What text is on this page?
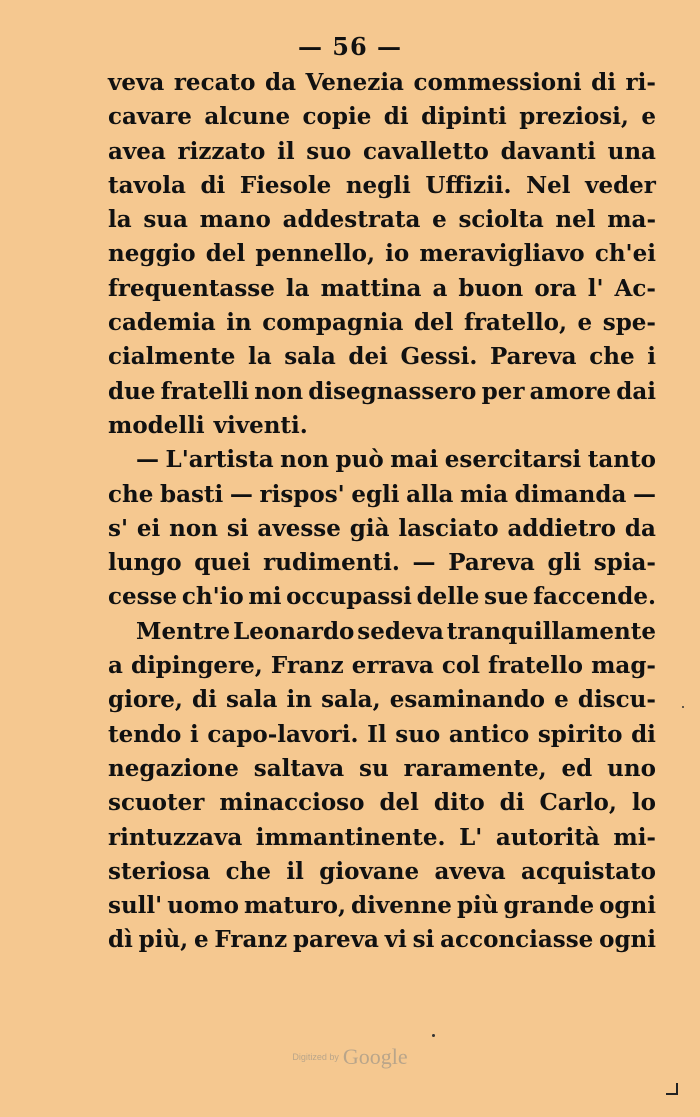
— 56 —
veva recato da Venezia commessioni di ri-
cavare alcune copie di dipinti preziosi, e
avea rizzato il suo cavalletto davanti una
tavola di Fiesole negli Uffizii. Nel veder
la sua mano addestrata e sciolta nel ma-
neggio del pennello, io meravigliavo ch'ei
frequentasse la mattina a buon ora l' Ac-
cademia in compagnia del fratello, e spe-
cialmente la sala dei Gessi. Pareva che i
due fratelli non disegnassero per amore dai
modelli viventi.
— L'artista non può mai esercitarsi tanto
che basti — rispos' egli alla mia dimanda —
s' ei non si avesse già lasciato addietro da
lungo quei rudimenti. — Pareva gli spia-
cesse ch'io mi occupassi delle sue faccende.
Mentre Leonardo sedeva tranquillamente
a dipingere, Franz errava col fratello mag-
giore, di sala in sala, esaminando e discu-
tendo i capo-lavori. Il suo antico spirito di
negazione saltava su raramente, ed uno
scuoter minaccioso del dito di Carlo, lo
rintuzzava immantinente. L' autorità mi-
steriosa che il giovane aveva acquistato
sull' uomo maturo, divenne più grande ogni
dì più, e Franz pareva vi si acconciasse ogni
Digitized by Google
